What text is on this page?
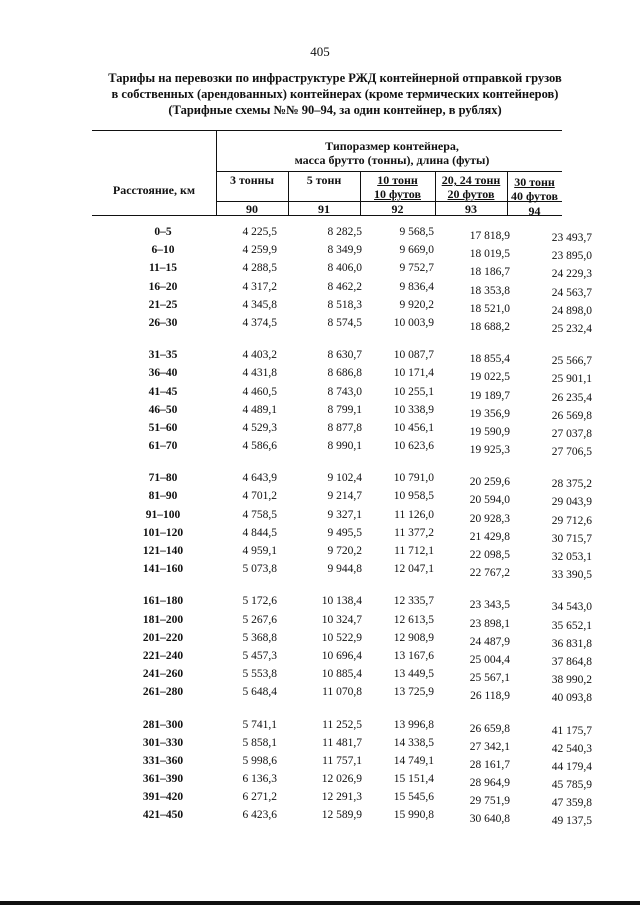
405
Тарифы на перевозки по инфраструктуре РЖД контейнерной отправкой грузов
в собственных (арендованных) контейнерах (кроме термических контейнеров)
(Тарифные схемы №№ 90–94, за один контейнер, в рублях)
Типоразмер контейнера,
масса брутто (тонны), длина (футы)
Расстояние, км
3 тонны	5 тонн	10 тонн
10 футов
20, 24 тонн
20 футов
30 тонн
40 футов
90	91	92	93	94
0–5	4 225,5	8 282,5	9 568,5	17 818,9	23 493,7
6–10	4 259,9	8 349,9	9 669,0	18 019,5	23 895,0
11–15	4 288,5	8 406,0	9 752,7	18 186,7	24 229,3
16–20	4 317,2	8 462,2	9 836,4	18 353,8	24 563,7
21–25	4 345,8	8 518,3	9 920,2	18 521,0	24 898,0
26–30	4 374,5	8 574,5	10 003,9	18 688,2	25 232,4
31–35	4 403,2	8 630,7	10 087,7	18 855,4	25 566,7
36–40	4 431,8	8 686,8	10 171,4	19 022,5	25 901,1
41–45	4 460,5	8 743,0	10 255,1	19 189,7	26 235,4
46–50	4 489,1	8 799,1	10 338,9	19 356,9	26 569,8
51–60	4 529,3	8 877,8	10 456,1	19 590,9	27 037,8
61–70	4 586,6	8 990,1	10 623,6	19 925,3	27 706,5
71–80	4 643,9	9 102,4	10 791,0	20 259,6	28 375,2
81–90	4 701,2	9 214,7	10 958,5	20 594,0	29 043,9
91–100	4 758,5	9 327,1	11 126,0	20 928,3	29 712,6
101–120	4 844,5	9 495,5	11 377,2	21 429,8	30 715,7
121–140	4 959,1	9 720,2	11 712,1	22 098,5	32 053,1
141–160	5 073,8	9 944,8	12 047,1	22 767,2	33 390,5
161–180	5 172,6	10 138,4	12 335,7	23 343,5	34 543,0
181–200	5 267,6	10 324,7	12 613,5	23 898,1	35 652,1
201–220	5 368,8	10 522,9	12 908,9	24 487,9	36 831,8
221–240	5 457,3	10 696,4	13 167,6	25 004,4	37 864,8
241–260	5 553,8	10 885,4	13 449,5	25 567,1	38 990,2
261–280	5 648,4	11 070,8	13 725,9	26 118,9	40 093,8
281–300	5 741,1	11 252,5	13 996,8	26 659,8	41 175,7
301–330	5 858,1	11 481,7	14 338,5	27 342,1	42 540,3
331–360	5 998,6	11 757,1	14 749,1	28 161,7	44 179,4
361–390	6 136,3	12 026,9	15 151,4	28 964,9	45 785,9
391–420	6 271,2	12 291,3	15 545,6	29 751,9	47 359,8
421–450	6 423,6	12 589,9	15 990,8	30 640,8	49 137,5
